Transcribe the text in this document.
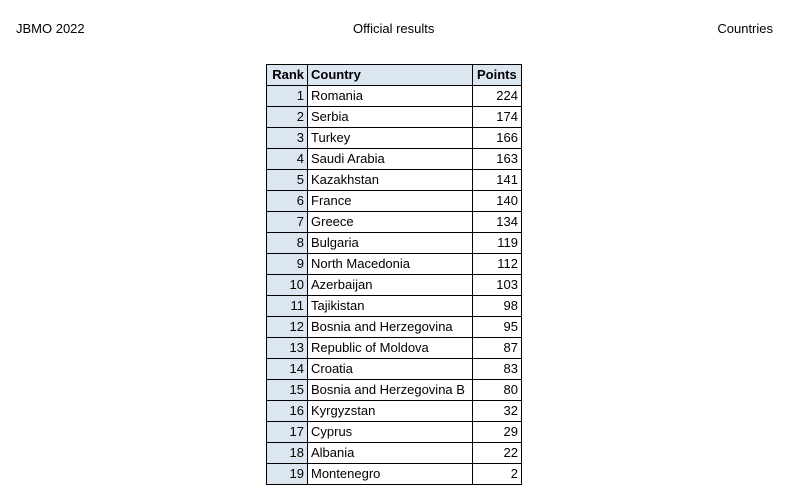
JBMO 2022	Official results	Countries
Rank	Country	Points
1	Romania	224
2	Serbia	174
3	Turkey	166
4	Saudi Arabia	163
5	Kazakhstan	141
6	France	140
7	Greece	134
8	Bulgaria	119
9	North Macedonia	112
10	Azerbaijan	103
11	Tajikistan	98
12	Bosnia and Herzegovina	95
13	Republic of Moldova	87
14	Croatia	83
15	Bosnia and Herzegovina B	80
16	Kyrgyzstan	32
17	Cyprus	29
18	Albania	22
19	Montenegro	2
